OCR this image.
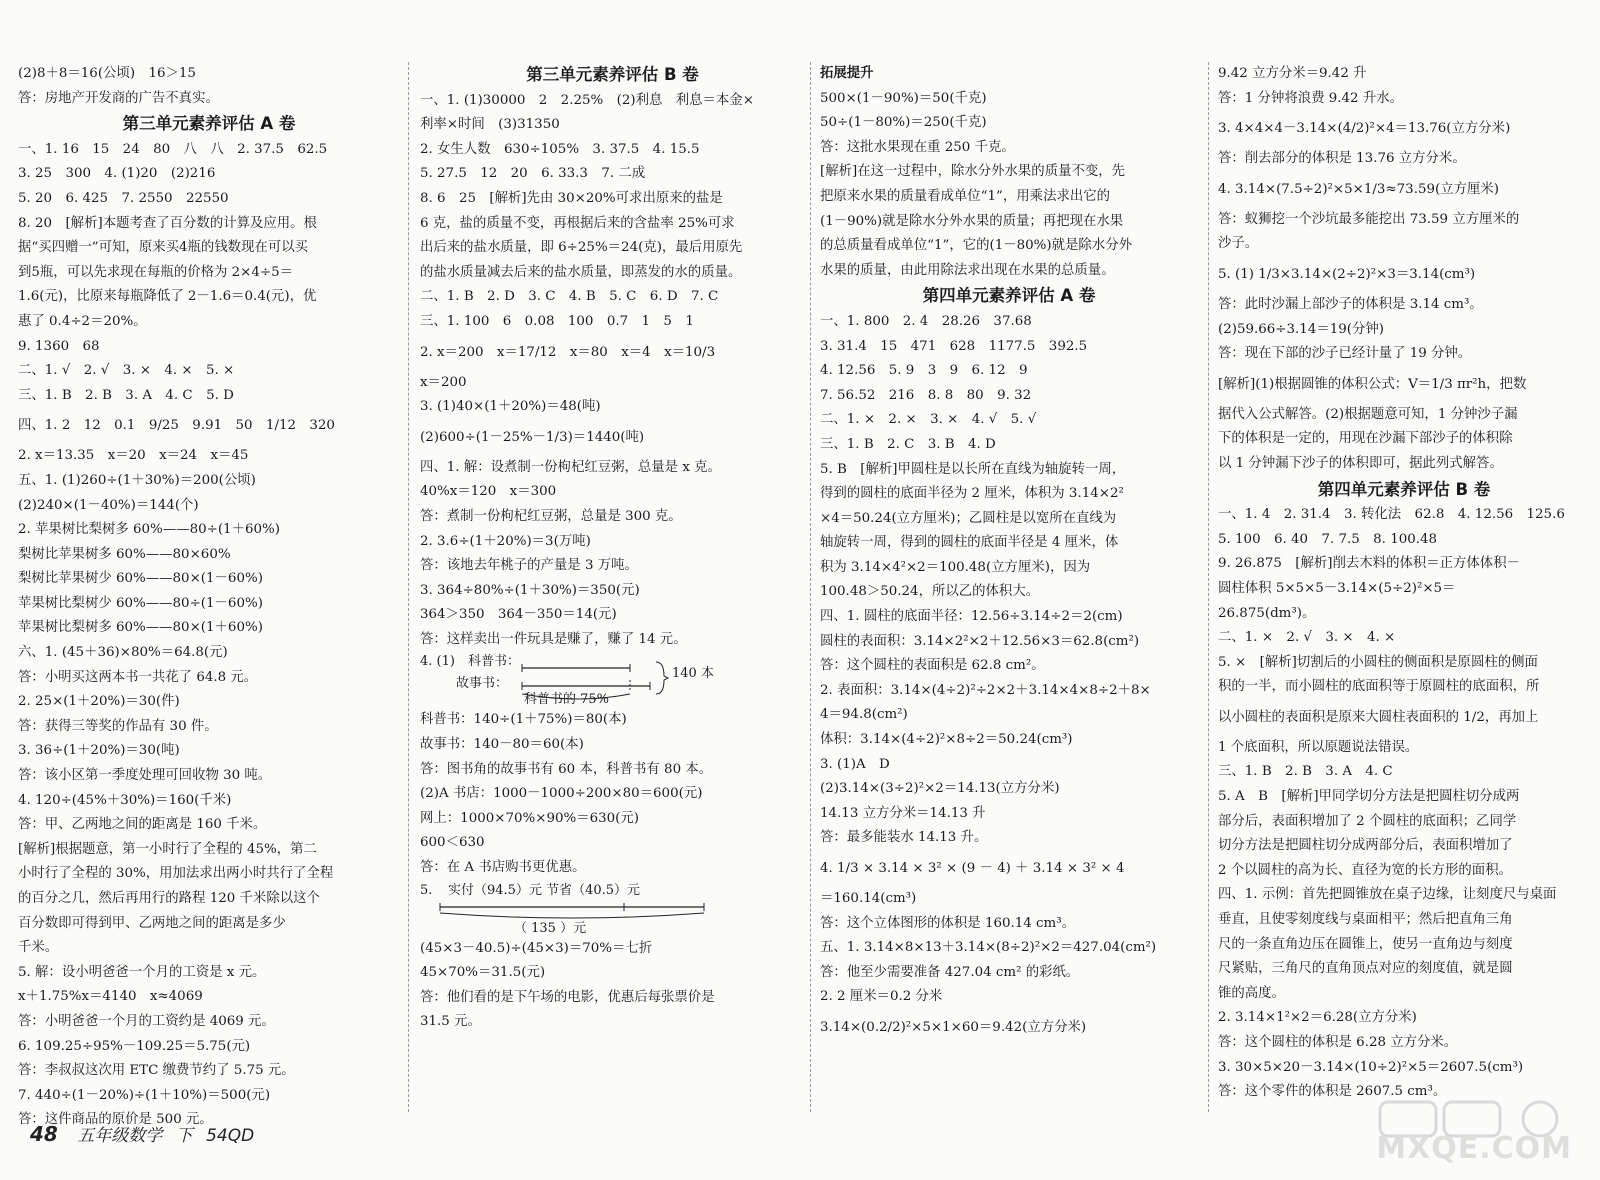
(2)8＋8＝16(公顷)　16＞15
答：房地产开发商的广告不真实。
第三单元素养评估 A 卷
一、1. 16　15　24　80　八　八　2. 37.5　62.5
3. 25　300　4. (1)20　(2)216
5. 20　6. 425　7. 2550　22550
8. 20　[解析]本题考查了百分数的计算及应用。根
据“买四赠一”可知，原来买4瓶的钱数现在可以买
到5瓶，可以先求现在每瓶的价格为 2×4÷5＝
1.6(元)，比原来每瓶降低了 2－1.6＝0.4(元)，优
惠了 0.4÷2＝20%。
9. 1360　68
二、1. √　2. √　3. ×　4. ×　5. ×
三、1. B　2. B　3. A　4. C　5. D
四、1. 2　12　0.1　9/25　9.91　50　1/12　320
2. x＝13.35　x＝20　x＝24　x＝45
五、1. (1)260÷(1＋30%)＝200(公顷)
(2)240×(1－40%)＝144(个)
2. 苹果树比梨树多 60%——80÷(1＋60%)
梨树比苹果树多 60%——80×60%
梨树比苹果树少 60%——80×(1－60%)
苹果树比梨树少 60%——80÷(1－60%)
苹果树比梨树多 60%——80×(1＋60%)
六、1. (45＋36)×80%＝64.8(元)
答：小明买这两本书一共花了 64.8 元。
2. 25×(1＋20%)＝30(件)
答：获得三等奖的作品有 30 件。
3. 36÷(1＋20%)＝30(吨)
答：该小区第一季度处理可回收物 30 吨。
4. 120÷(45%＋30%)＝160(千米)
答：甲、乙两地之间的距离是 160 千米。
[解析]根据题意，第一小时行了全程的 45%，第二
小时行了全程的 30%，用加法求出两小时共行了全程
的百分之几，然后再用行的路程 120 千米除以这个
百分数即可得到甲、乙两地之间的距离是多少
千米。
5. 解：设小明爸爸一个月的工资是 x 元。
x＋1.75%x＝4140　x≈4069
答：小明爸爸一个月的工资约是 4069 元。
6. 109.25÷95%－109.25＝5.75(元)
答：李叔叔这次用 ETC 缴费节约了 5.75 元。
7. 440÷(1－20%)÷(1＋10%)＝500(元)
答：这件商品的原价是 500 元。
第三单元素养评估 B 卷
一、1. (1)30000　2　2.25%　(2)利息　利息＝本金×
利率×时间　(3)31350
2. 女生人数　630÷105%　3. 37.5　4. 15.5
5. 27.5　12　20　6. 33.3　7. 二成
8. 6　25　[解析]先由 30×20%可求出原来的盐是
6 克，盐的质量不变，再根据后来的含盐率 25%可求
出后来的盐水质量，即 6÷25%＝24(克)，最后用原先
的盐水质量减去后来的盐水质量，即蒸发的水的质量。
二、1. B　2. D　3. C　4. B　5. C　6. D　7. C
三、1. 100　6　0.08　100　0.7　1　5　1
2. x＝200　x＝17/12　x＝80　x＝4　x＝10/3
x＝200
3. (1)40×(1＋20%)＝48(吨)
(2)600÷(1－25%－1/3)＝1440(吨)
四、1. 解：设煮制一份枸杞红豆粥，总量是 x 克。
40%x＝120　x＝300
答：煮制一份枸杞红豆粥，总量是 300 克。
2. 3.6÷(1＋20%)＝3(万吨)
答：该地去年桃子的产量是 3 万吨。
3. 364÷80%÷(1＋30%)＝350(元)
364＞350　364－350＝14(元)
答：这样卖出一件玩具是赚了，赚了 14 元。
4. (1) 科普书：
故事书：
140 本
科普书的 75%
科普书：140÷(1＋75%)＝80(本)
故事书：140－80＝60(本)
答：图书角的故事书有 60 本，科普书有 80 本。
(2)A 书店：1000－1000÷200×80＝600(元)
网上：1000×70%×90%＝630(元)
600＜630
答：在 A 书店购书更优惠。
5. 实付（94.5）元 节省（40.5）元
（ 135 ）元
(45×3－40.5)÷(45×3)＝70%＝七折
45×70%＝31.5(元)
答：他们看的是下午场的电影，优惠后每张票价是
31.5 元。
拓展提升
500×(1－90%)＝50(千克)
50÷(1－80%)＝250(千克)
答：这批水果现在重 250 千克。
[解析]在这一过程中，除水分外水果的质量不变，先
把原来水果的质量看成单位“1”，用乘法求出它的
(1－90%)就是除水分外水果的质量；再把现在水果
的总质量看成单位“1”，它的(1－80%)就是除水分外
水果的质量，由此用除法求出现在水果的总质量。
第四单元素养评估 A 卷
一、1. 800　2. 4　28.26　37.68
3. 31.4　15　471　628　1177.5　392.5
4. 12.56　5. 9　3　9　6. 12　9
7. 56.52　216　8. 8　80　9. 32
二、1. ×　2. ×　3. ×　4. √　5. √
三、1. B　2. C　3. B　4. D
5. B　[解析]甲圆柱是以长所在直线为轴旋转一周，
得到的圆柱的底面半径为 2 厘米，体积为 3.14×2²
×4＝50.24(立方厘米)；乙圆柱是以宽所在直线为
轴旋转一周，得到的圆柱的底面半径是 4 厘米，体
积为 3.14×4²×2＝100.48(立方厘米)，因为
100.48＞50.24，所以乙的体积大。
四、1. 圆柱的底面半径：12.56÷3.14÷2＝2(cm)
圆柱的表面积：3.14×2²×2＋12.56×3＝62.8(cm²)
答：这个圆柱的表面积是 62.8 cm²。
2. 表面积：3.14×(4÷2)²÷2×2＋3.14×4×8÷2＋8×
4＝94.8(cm²)
体积：3.14×(4÷2)²×8÷2＝50.24(cm³)
3. (1)A　D
(2)3.14×(3÷2)²×2＝14.13(立方分米)
14.13 立方分米＝14.13 升
答：最多能装水 14.13 升。
4. 1/3 × 3.14 × 3² × (9 － 4) ＋ 3.14 × 3² × 4
＝160.14(cm³)
答：这个立体图形的体积是 160.14 cm³。
五、1. 3.14×8×13＋3.14×(8÷2)²×2＝427.04(cm²)
答：他至少需要准备 427.04 cm² 的彩纸。
2. 2 厘米＝0.2 分米
3.14×(0.2/2)²×5×1×60＝9.42(立方分米)
9.42 立方分米＝9.42 升
答：1 分钟将浪费 9.42 升水。
3. 4×4×4－3.14×(4/2)²×4＝13.76(立方分米)
答：削去部分的体积是 13.76 立方分米。
4. 3.14×(7.5÷2)²×5×1/3≈73.59(立方厘米)
答：蚁狮挖一个沙坑最多能挖出 73.59 立方厘米的
沙子。
5. (1) 1/3×3.14×(2÷2)²×3＝3.14(cm³)
答：此时沙漏上部沙子的体积是 3.14 cm³。
(2)59.66÷3.14＝19(分钟)
答：现在下部的沙子已经计量了 19 分钟。
[解析](1)根据圆锥的体积公式：V＝1/3 πr²h，把数
据代入公式解答。(2)根据题意可知，1 分钟沙子漏
下的体积是一定的，用现在沙漏下部沙子的体积除
以 1 分钟漏下沙子的体积即可，据此列式解答。
第四单元素养评估 B 卷
一、1. 4　2. 31.4　3. 转化法　62.8　4. 12.56　125.6
5. 100　6. 40　7. 7.5　8. 100.48
9. 26.875　[解析]削去木料的体积＝正方体体积－
圆柱体积 5×5×5－3.14×(5÷2)²×5＝
26.875(dm³)。
二、1. ×　2. √　3. ×　4. ×
5. ×　[解析]切割后的小圆柱的侧面积是原圆柱的侧面
积的一半，而小圆柱的底面积等于原圆柱的底面积，所
以小圆柱的表面积是原来大圆柱表面积的 1/2，再加上
1 个底面积，所以原题说法错误。
三、1. B　2. B　3. A　4. C
5. A　B　[解析]甲同学切分方法是把圆柱切分成两
部分后，表面积增加了 2 个圆柱的底面积；乙同学
切分方法是把圆柱切分成两部分后，表面积增加了
2 个以圆柱的高为长、直径为宽的长方形的面积。
四、1. 示例：首先把圆锥放在桌子边缘，让刻度尺与桌面
垂直，且使零刻度线与桌面相平；然后把直角三角
尺的一条直角边压在圆锥上，使另一直角边与刻度
尺紧贴，三角尺的直角顶点对应的刻度值，就是圆
锥的高度。
2. 3.14×1²×2＝6.28(立方分米)
答：这个圆柱的体积是 6.28 立方分米。
3. 30×5×20－3.14×(10÷2)²×5＝2607.5(cm³)
答：这个零件的体积是 2607.5 cm³。
48 五年级数学 下 54QD	MXQE.COM
